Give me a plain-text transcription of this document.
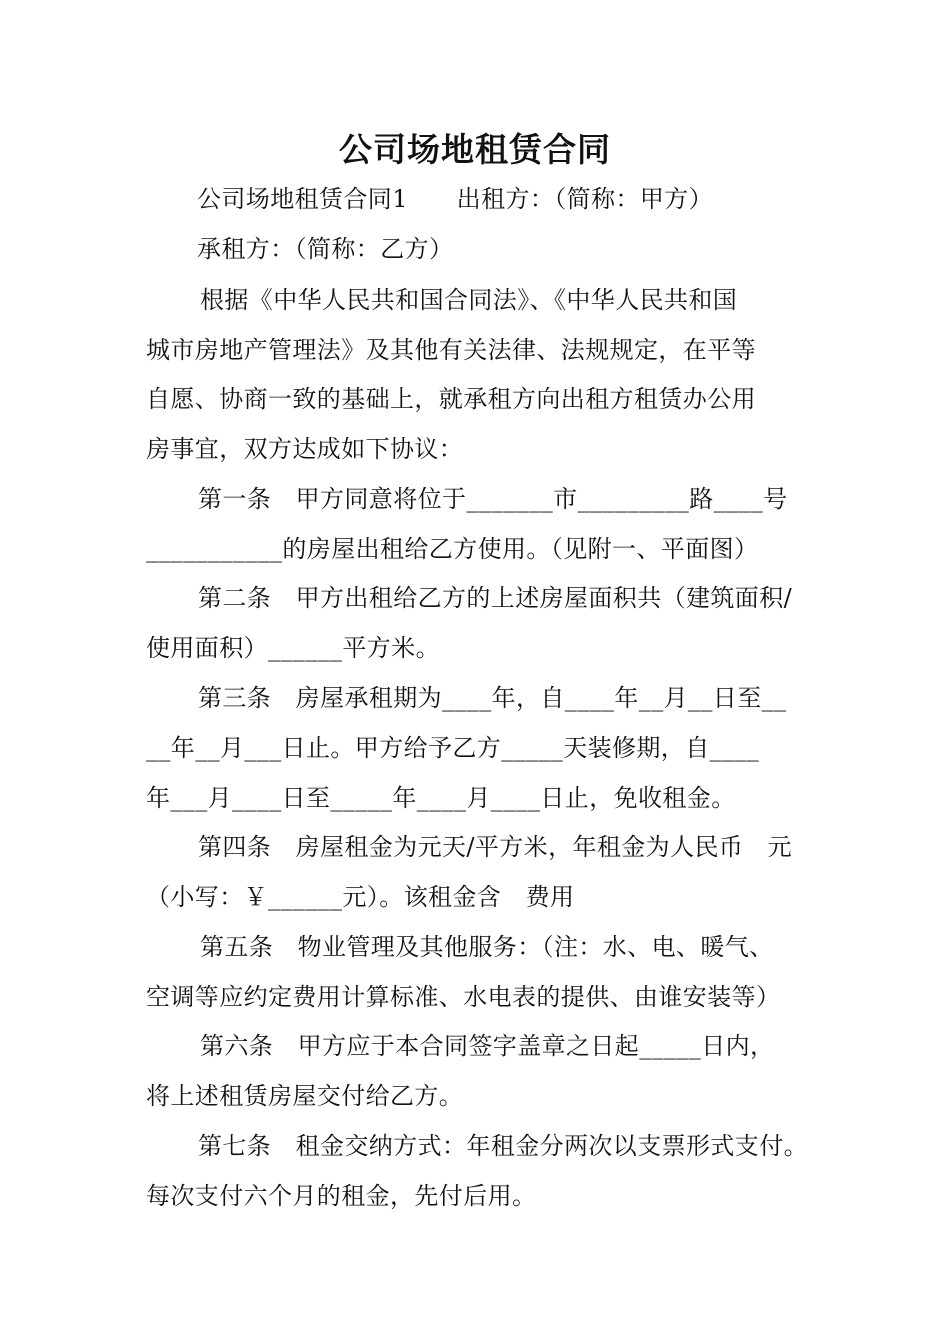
公司场地租赁合同
公司场地租赁合同1　　出租方：（简称：甲方）
承租方：（简称：乙方）
根据《中华人民共和国合同法》、《中华人民共和国
城市房地产管理法》及其他有关法律、法规规定，在平等
自愿、协商一致的基础上，就承租方向出租方租赁办公用
房事宜，双方达成如下协议：
第一条　甲方同意将位于_______市_________路____号
___________的房屋出租给乙方使用。（见附一、平面图）
第二条　甲方出租给乙方的上述房屋面积共（建筑面积/
使用面积）______平方米。
第三条　房屋承租期为____年，自____年__月__日至__
__年__月___日止。甲方给予乙方_____天装修期，自____
年___月____日至_____年____月____日止，免收租金。
第四条　房屋租金为元天/平方米，年租金为人民币　元
（小写：￥______元）。该租金含　费用
第五条　物业管理及其他服务：（注：水、电、暖气、
空调等应约定费用计算标准、水电表的提供、由谁安装等）
第六条　甲方应于本合同签字盖章之日起_____日内，
将上述租赁房屋交付给乙方。
第七条　租金交纳方式：年租金分两次以支票形式支付。
每次支付六个月的租金，先付后用。
